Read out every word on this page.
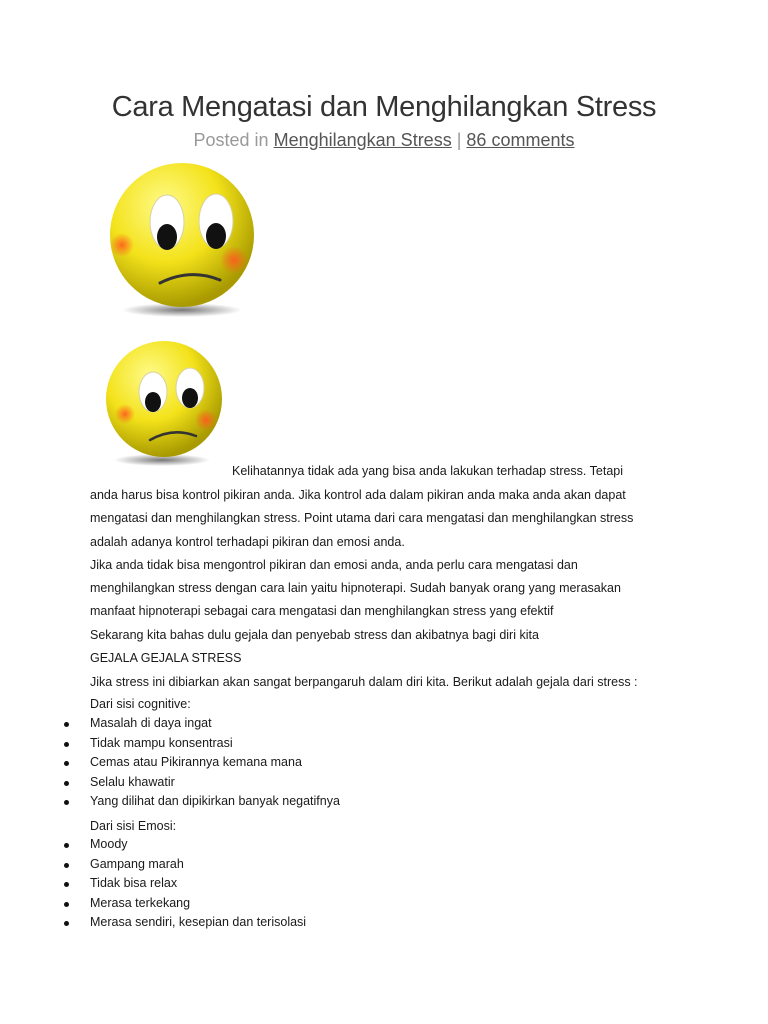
Cara Mengatasi dan Menghilangkan Stress
Posted in Menghilangkan Stress | 86 comments
Kelihatannya tidak ada yang bisa anda lakukan terhadap stress. Tetapi
anda harus bisa kontrol pikiran anda. Jika kontrol ada dalam pikiran anda maka anda akan dapat
mengatasi dan menghilangkan stress. Point utama dari cara mengatasi dan menghilangkan stress
adalah adanya kontrol terhadapi pikiran dan emosi anda.
Jika anda tidak bisa mengontrol pikiran dan emosi anda, anda perlu cara mengatasi dan
menghilangkan stress dengan cara lain yaitu hipnoterapi. Sudah banyak orang yang merasakan
manfaat hipnoterapi sebagai cara mengatasi dan menghilangkan stress yang efektif
Sekarang kita bahas dulu gejala dan penyebab stress dan akibatnya bagi diri kita
GEJALA GEJALA STRESS
Jika stress ini dibiarkan akan sangat berpangaruh dalam diri kita. Berikut adalah gejala dari stress :
Dari sisi cognitive:
Masalah di daya ingat
Tidak mampu konsentrasi
Cemas atau Pikirannya kemana mana
Selalu khawatir
Yang dilihat dan dipikirkan banyak negatifnya
Dari sisi Emosi:
Moody
Gampang marah
Tidak bisa relax
Merasa terkekang
Merasa sendiri, kesepian dan terisolasi
